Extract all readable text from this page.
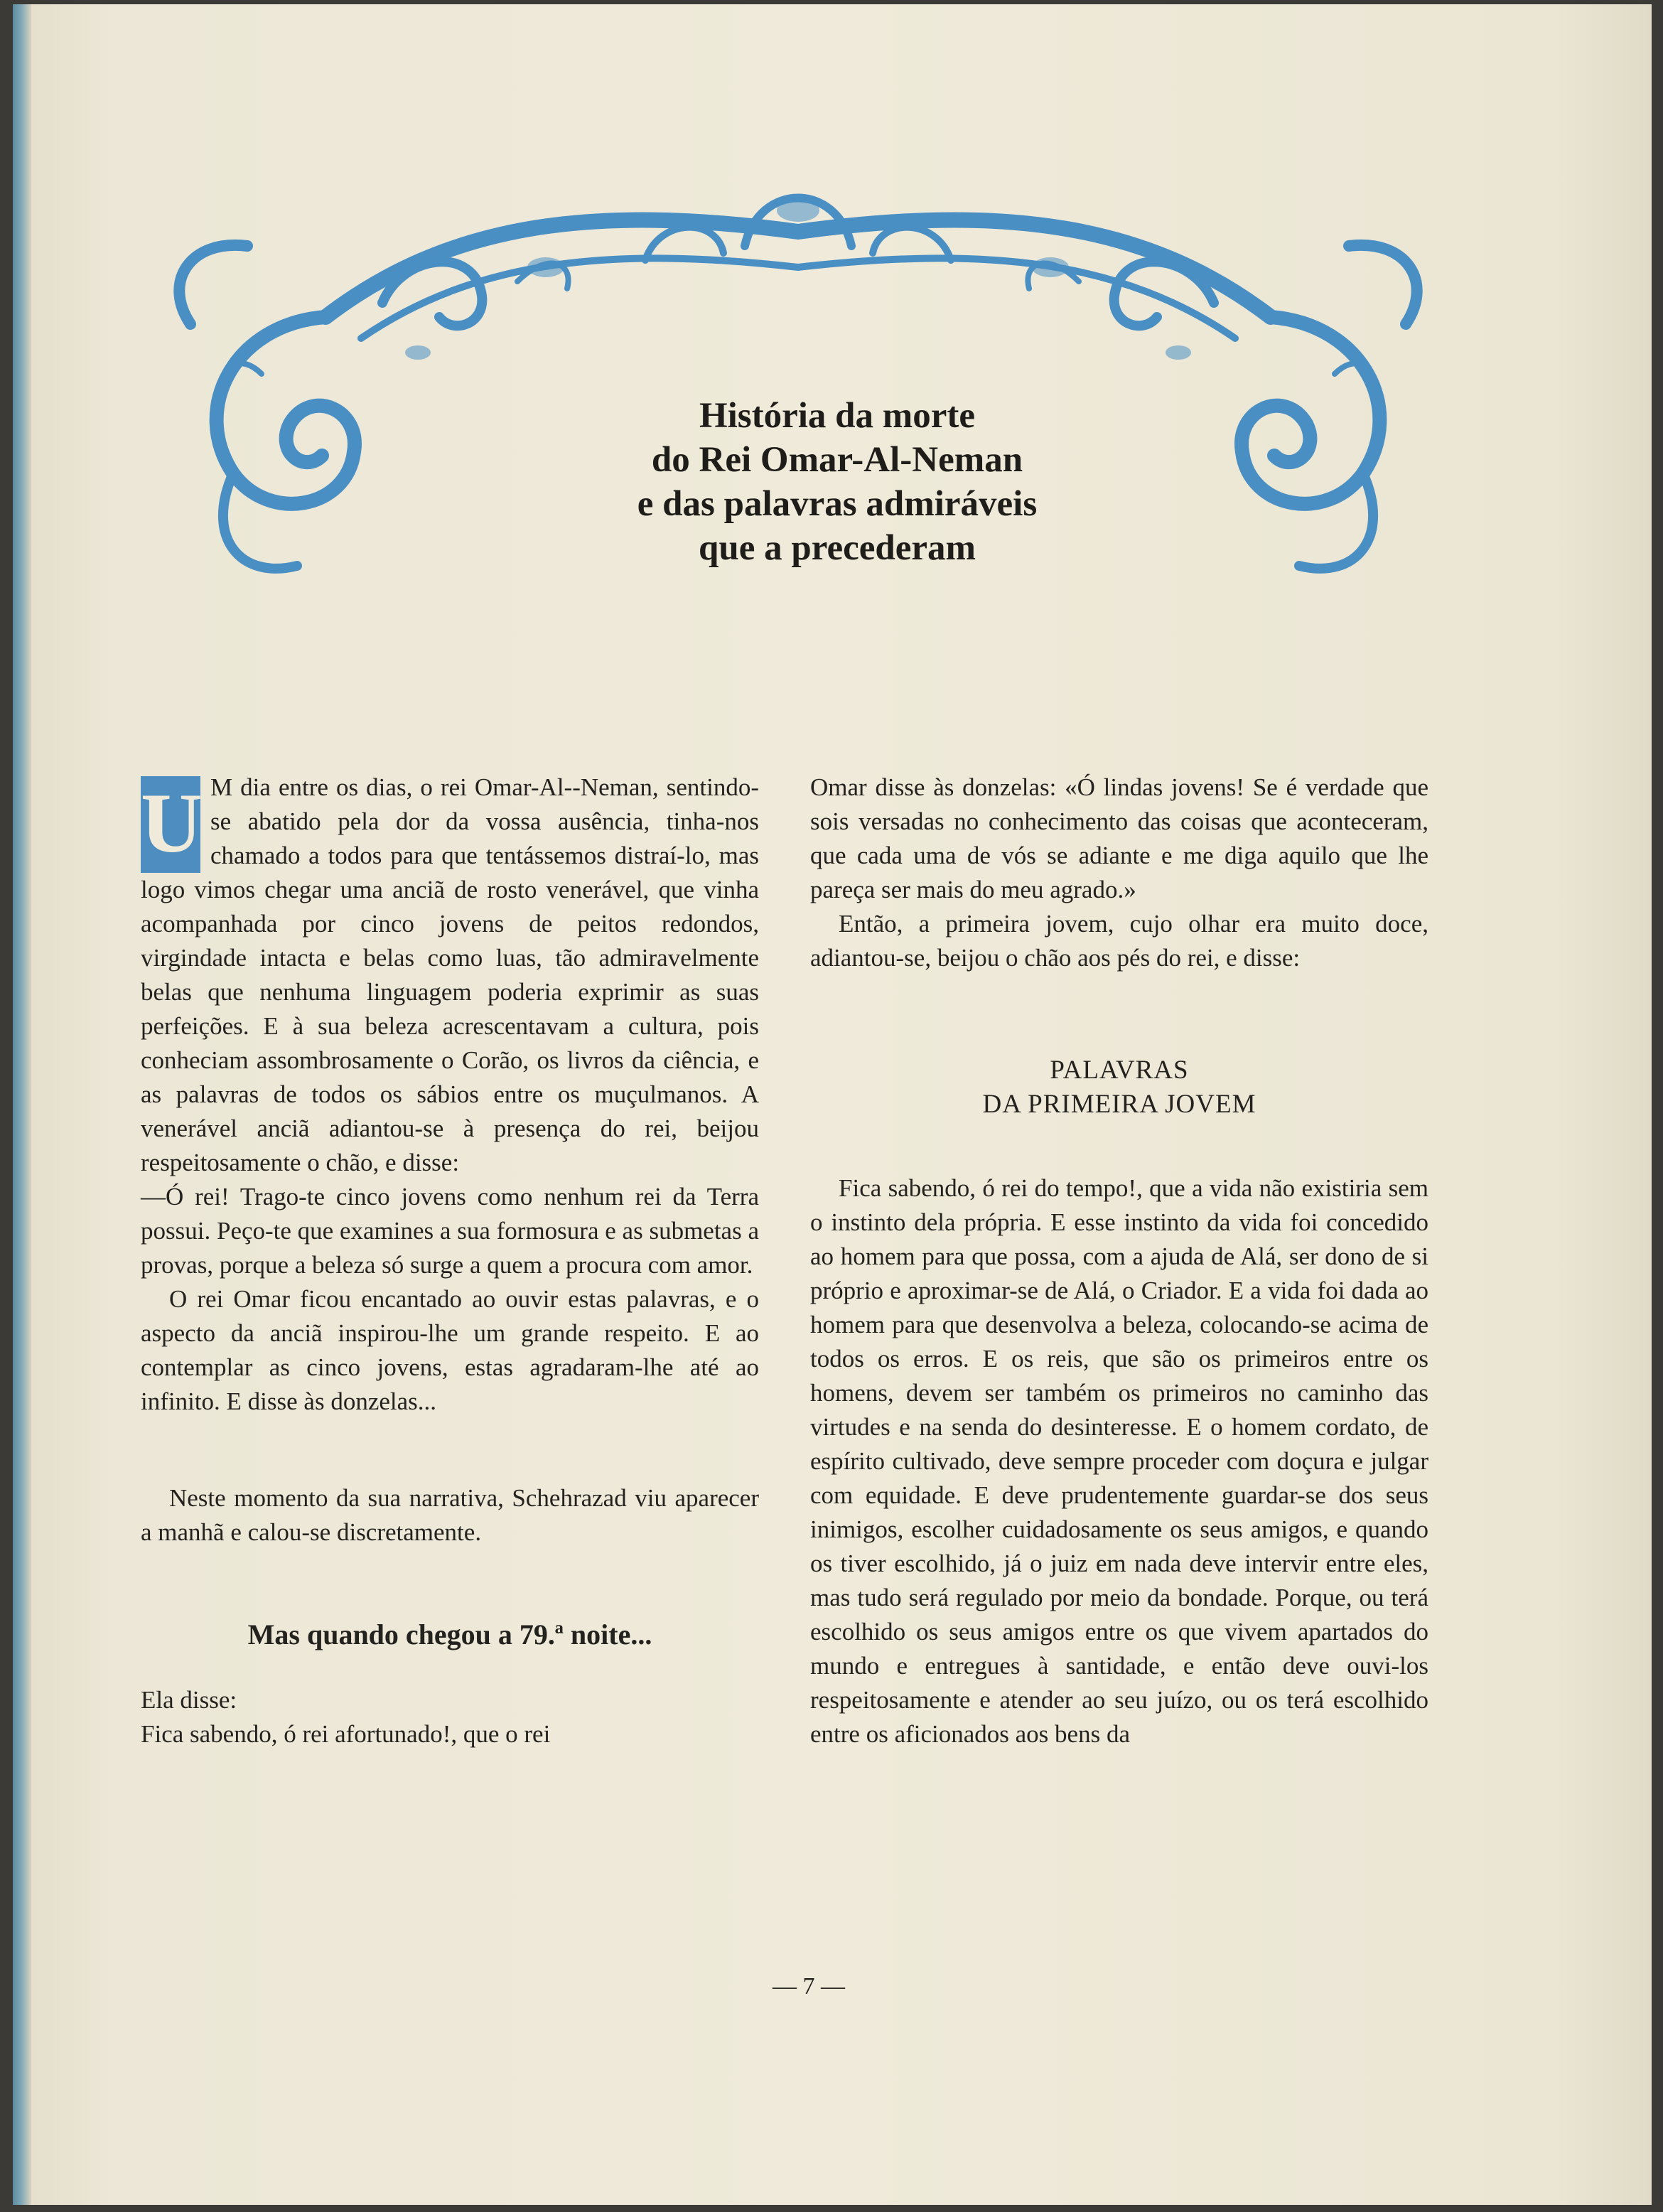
História da morte
do Rei Omar-Al-Neman
e das palavras admiráveis
que a precederam

U M dia entre os dias, o rei Omar-Al--Neman, sentindo-se abatido pela dor da vossa ausência, tinha-nos chamado a todos para que tentássemos distraí-lo, mas logo vimos chegar uma anciã de rosto venerável, que vinha acompanhada por cinco jovens de peitos redondos, virgindade intacta e belas como luas, tão admiravelmente belas que nenhuma linguagem poderia exprimir as suas perfeições. E à sua beleza acrescentavam a cultura, pois conheciam assombrosamente o Corão, os livros da ciência, e as palavras de todos os sábios entre os muçulmanos. A venerável anciã adiantou-se à presença do rei, beijou respeitosamente o chão, e disse:

—Ó rei! Trago-te cinco jovens como nenhum rei da Terra possui. Peço-te que examines a sua formosura e as submetas a provas, porque a beleza só surge a quem a procura com amor.

O rei Omar ficou encantado ao ouvir estas palavras, e o aspecto da anciã inspirou-lhe um grande respeito. E ao contemplar as cinco jovens, estas agradaram-lhe até ao infinito. E disse às donzelas...

Neste momento da sua narrativa, Schehrazad viu aparecer a manhã e calou-se discretamente.

Mas quando chegou a 79.ª noite...

Ela disse:

Fica sabendo, ó rei afortunado!, que o rei

Omar disse às donzelas: «Ó lindas jovens! Se é verdade que sois versadas no conhecimento das coisas que aconteceram, que cada uma de vós se adiante e me diga aquilo que lhe pareça ser mais do meu agrado.»

Então, a primeira jovem, cujo olhar era muito doce, adiantou-se, beijou o chão aos pés do rei, e disse:

PALAVRAS
DA PRIMEIRA JOVEM

Fica sabendo, ó rei do tempo!, que a vida não existiria sem o instinto dela própria. E esse instinto da vida foi concedido ao homem para que possa, com a ajuda de Alá, ser dono de si próprio e aproximar-se de Alá, o Criador. E a vida foi dada ao homem para que desenvolva a beleza, colocando-se acima de todos os erros. E os reis, que são os primeiros entre os homens, devem ser também os primeiros no caminho das virtudes e na senda do desinteresse. E o homem cordato, de espírito cultivado, deve sempre proceder com doçura e julgar com equidade. E deve prudentemente guardar-se dos seus inimigos, escolher cuidadosamente os seus amigos, e quando os tiver escolhido, já o juiz em nada deve intervir entre eles, mas tudo será regulado por meio da bondade. Porque, ou terá escolhido os seus amigos entre os que vivem apartados do mundo e entregues à santidade, e então deve ouvi-los respeitosamente e atender ao seu juízo, ou os terá escolhido entre os aficionados aos bens da

— 7 —
